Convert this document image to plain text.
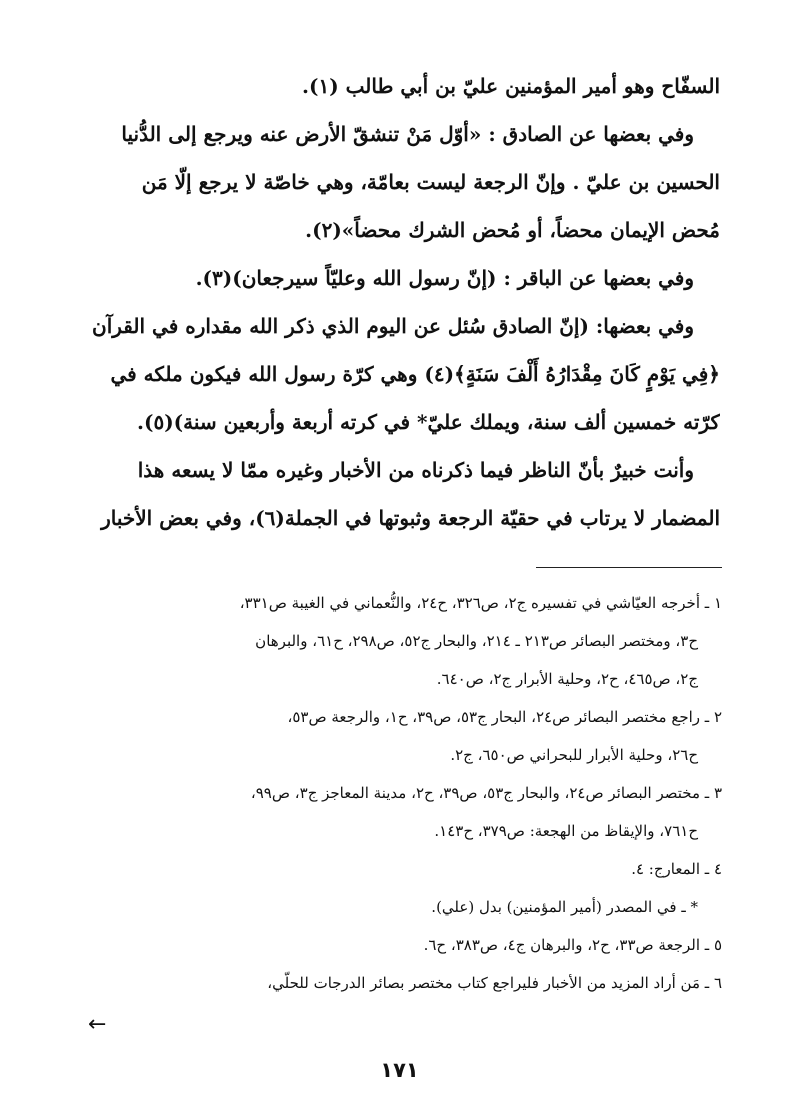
السفّاح وهو أمير المؤمنين عليّ بن أبي طالب (١).
وفي بعضها عن الصادق : «أوّل مَنْ تنشقّ الأرض عنه ويرجع إلى الدُّنيا
الحسين بن عليّ . وإنّ الرجعة ليست بعامّة، وهي خاصّة لا يرجع إلّا مَن
مُحض الإيمان محضاً، أو مُحض الشرك محضاً»(٢).
وفي بعضها عن الباقر : (إنّ رسول الله وعليّاً سيرجعان)(٣).
وفي بعضها: (إنّ الصادق سُئل عن اليوم الذي ذكر الله مقداره في القرآن
﴿فِي يَوْمٍ كَانَ مِقْدَارُهُ أَلْفَ سَنَةٍ﴾(٤) وهي كرّة رسول الله فيكون ملكه في
كرّته خمسين ألف سنة، ويملك عليّ* في كرته أربعة وأربعين سنة)(٥).
وأنت خبيرٌ بأنّ الناظر فيما ذكرناه من الأخبار وغيره ممّا لا يسعه هذا
المضمار لا يرتاب في حقيّة الرجعة وثبوتها في الجملة(٦)، وفي بعض الأخبار
١ ـ أخرجه العيّاشي في تفسيره ج٢، ص٣٢٦، ح٢٤، والنُّعماني في الغيبة ص٣٣١،
ح٣، ومختصر البصائر ص٢١٣ ـ ٢١٤، والبحار ج٥٢، ص٢٩٨، ح٦١، والبرهان
ج٢، ص٤٦٥، ح٢، وحلية الأبرار ج٢، ص٦٤٠.
٢ ـ راجع مختصر البصائر ص٢٤، البحار ج٥٣، ص٣٩، ح١، والرجعة ص٥٣،
ح٢٦، وحلية الأبرار للبحراني ص٦٥٠، ج٢.
٣ ـ مختصر البصائر ص٢٤، والبحار ج٥٣، ص٣٩، ح٢، مدينة المعاجز ج٣، ص٩٩،
ح٧٦١، والإيقاظ من الهجعة: ص٣٧٩، ح١٤٣.
٤ ـ المعارج: ٤.
* ـ في المصدر (أمير المؤمنين) بدل (علي).
٥ ـ الرجعة ص٣٣، ح٢، والبرهان ج٤، ص٣٨٣، ح٦.
٦ ـ مَن أراد المزيد من الأخبار فليراجع كتاب مختصر بصائر الدرجات للحلّي،
←
١٧١
